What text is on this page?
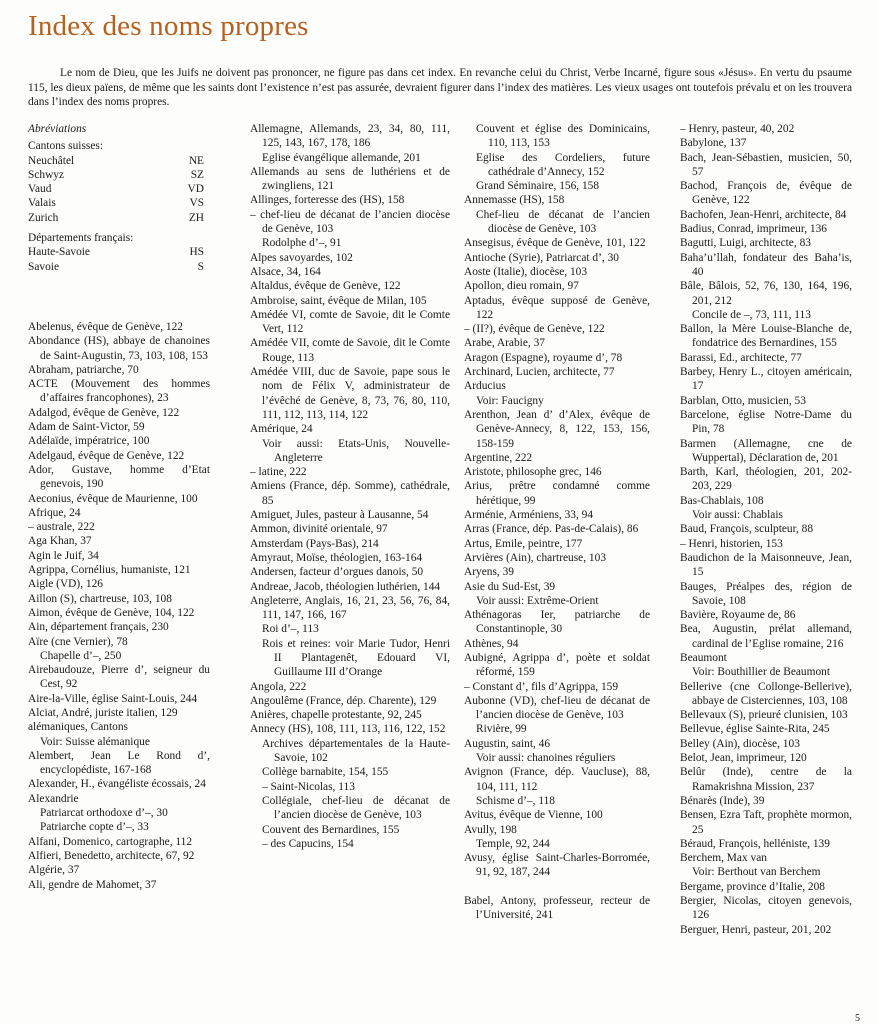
Index des noms propres

Le nom de Dieu, que les Juifs ne doivent pas prononcer, ne figure pas dans cet index. En revanche celui du Christ, Verbe Incarné, figure sous «Jésus». En vertu du psaume 115, les dieux païens, de même que les saints dont l’existence n’est pas assurée, devraient figurer dans l’index des matières. Les vieux usages ont toutefois prévalu et on les trouvera dans l’index des noms propres.

Abréviations
Cantons suisses:
Neuchâtel	NE
Schwyz	SZ
Vaud	VD
Valais	VS
Zurich	ZH
Départements français:
Haute-Savoie	HS
Savoie	S
Abelenus, évêque de Genève, 122
Abondance (HS), abbaye de chanoines de Saint-Augustin, 73, 103, 108, 153
Abraham, patriarche, 70
ACTE (Mouvement des hommes d’affaires francophones), 23
Adalgod, évêque de Genève, 122
Adam de Saint-Victor, 59
Adélaïde, impératrice, 100
Adelgaud, évêque de Genève, 122
Ador, Gustave, homme d’Etat genevois, 190
Aeconius, évêque de Maurienne, 100
Afrique, 24
– australe, 222
Aga Khan, 37
Agin le Juif, 34
Agrippa, Cornélius, humaniste, 121
Aigle (VD), 126
Aillon (S), chartreuse, 103, 108
Aimon, évêque de Genève, 104, 122
Ain, département français, 230
Aïre (cne Vernier), 78
Chapelle d’–, 250
Airebaudouze, Pierre d’, seigneur du Cest, 92
Aire-la-Ville, église Saint-Louis, 244
Alciat, André, juriste italien, 129
alémaniques, Cantons
Voir: Suisse alémanique
Alembert, Jean Le Rond d’, encyclopédiste, 167-168
Alexander, H., évangéliste écossais, 24
Alexandrie
Patriarcat orthodoxe d’–, 30
Patriarche copte d’–, 33
Alfani, Domenico, cartographe, 112
Alfieri, Benedetto, architecte, 67, 92
Algérie, 37
Ali, gendre de Mahomet, 37
Allemagne, Allemands, 23, 34, 80, 111, 125, 143, 167, 178, 186
Eglise évangélique allemande, 201
Allemands au sens de luthériens et de zwingliens, 121
Allinges, forteresse des (HS), 158
– chef-lieu de décanat de l’ancien diocèse de Genève, 103
Rodolphe d’–, 91
Alpes savoyardes, 102
Alsace, 34, 164
Altaldus, évêque de Genève, 122
Ambroise, saint, évêque de Milan, 105
Amédée VI, comte de Savoie, dit le Comte Vert, 112
Amédée VII, comte de Savoie, dit le Comte Rouge, 113
Amédée VIII, duc de Savoie, pape sous le nom de Félix V, administrateur de l’évêché de Genève, 8, 73, 76, 80, 110, 111, 112, 113, 114, 122
Amérique, 24
Voir aussi: Etats-Unis, Nouvelle-Angleterre
– latine, 222
Amiens (France, dép. Somme), cathédrale, 85
Amiguet, Jules, pasteur à Lausanne, 54
Ammon, divinité orientale, 97
Amsterdam (Pays-Bas), 214
Amyraut, Moïse, théologien, 163-164
Andersen, facteur d’orgues danois, 50
Andreae, Jacob, théologien luthérien, 144
Angleterre, Anglais, 16, 21, 23, 56, 76, 84, 111, 147, 166, 167
Roi d’–, 113
Rois et reines: voir Marie Tudor, Henri II Plantagenêt, Edouard VI, Guillaume III d’Orange
Angola, 222
Angoulême (France, dép. Charente), 129
Anières, chapelle protestante, 92, 245
Annecy (HS), 108, 111, 113, 116, 122, 152
Archives départementales de la Haute-Savoie, 102
Collège barnabite, 154, 155
– Saint-Nicolas, 113
Collégiale, chef-lieu de décanat de l’ancien diocèse de Genève, 103
Couvent des Bernardines, 155
– des Capucins, 154
Couvent et église des Dominicains, 110, 113, 153
Eglise des Cordeliers, future cathédrale d’Annecy, 152
Grand Séminaire, 156, 158
Annemasse (HS), 158
Chef-lieu de décanat de l’ancien diocèse de Genève, 103
Ansegisus, évêque de Genève, 101, 122
Antioche (Syrie), Patriarcat d’, 30
Aoste (Italie), diocèse, 103
Apollon, dieu romain, 97
Aptadus, évêque supposé de Genève, 122
– (II?), évêque de Genève, 122
Arabe, Arabie, 37
Aragon (Espagne), royaume d’, 78
Archinard, Lucien, architecte, 77
Arducius
Voir: Faucigny
Arenthon, Jean d’ d’Alex, évêque de Genève-Annecy, 8, 122, 153, 156, 158-159
Argentine, 222
Aristote, philosophe grec, 146
Arius, prêtre condamné comme hérétique, 99
Arménie, Arméniens, 33, 94
Arras (France, dép. Pas-de-Calais), 86
Artus, Emile, peintre, 177
Arvières (Ain), chartreuse, 103
Aryens, 39
Asie du Sud-Est, 39
Voir aussi: Extrême-Orient
Athénagoras Ier, patriarche de Constantinople, 30
Athènes, 94
Aubigné, Agrippa d’, poète et soldat réformé, 159
– Constant d’, fils d’Agrippa, 159
Aubonne (VD), chef-lieu de décanat de l’ancien diocèse de Genève, 103
Rivière, 99
Augustin, saint, 46
Voir aussi: chanoines réguliers
Avignon (France, dép. Vaucluse), 88, 104, 111, 112
Schisme d’–, 118
Avitus, évêque de Vienne, 100
Avully, 198
Temple, 92, 244
Avusy, église Saint-Charles-Borromée, 91, 92, 187, 244
Babel, Antony, professeur, recteur de l’Université, 241
– Henry, pasteur, 40, 202
Babylone, 137
Bach, Jean-Sébastien, musicien, 50, 57
Bachod, François de, évêque de Genève, 122
Bachofen, Jean-Henri, architecte, 84
Badius, Conrad, imprimeur, 136
Bagutti, Luigi, architecte, 83
Baha’u’llah, fondateur des Baha’is, 40
Bâle, Bâlois, 52, 76, 130, 164, 196, 201, 212
Concile de –, 73, 111, 113
Ballon, la Mère Louise-Blanche de, fondatrice des Bernardines, 155
Barassi, Ed., architecte, 77
Barbey, Henry L., citoyen américain, 17
Barblan, Otto, musicien, 53
Barcelone, église Notre-Dame du Pin, 78
Barmen (Allemagne, cne de Wuppertal), Déclaration de, 201
Barth, Karl, théologien, 201, 202-203, 229
Bas-Chablais, 108
Voir aussi: Chablais
Baud, François, sculpteur, 88
– Henri, historien, 153
Baudichon de la Maisonneuve, Jean, 15
Bauges, Préalpes des, région de Savoie, 108
Bavière, Royaume de, 86
Bea, Augustin, prélat allemand, cardinal de l’Eglise romaine, 216
Beaumont
Voir: Bouthillier de Beaumont
Bellerive (cne Collonge-Bellerive), abbaye de Cisterciennes, 103, 108
Bellevaux (S), prieuré clunisien, 103
Bellevue, église Sainte-Rita, 245
Belley (Ain), diocèse, 103
Belot, Jean, imprimeur, 120
Belûr (Inde), centre de la Ramakrishna Mission, 237
Bénarès (Inde), 39
Bensen, Ezra Taft, prophète mormon, 25
Béraud, François, helléniste, 139
Berchem, Max van
Voir: Berthout van Berchem
Bergame, province d’Italie, 208
Bergier, Nicolas, citoyen genevois, 126
Berguer, Henri, pasteur, 201, 202
5
